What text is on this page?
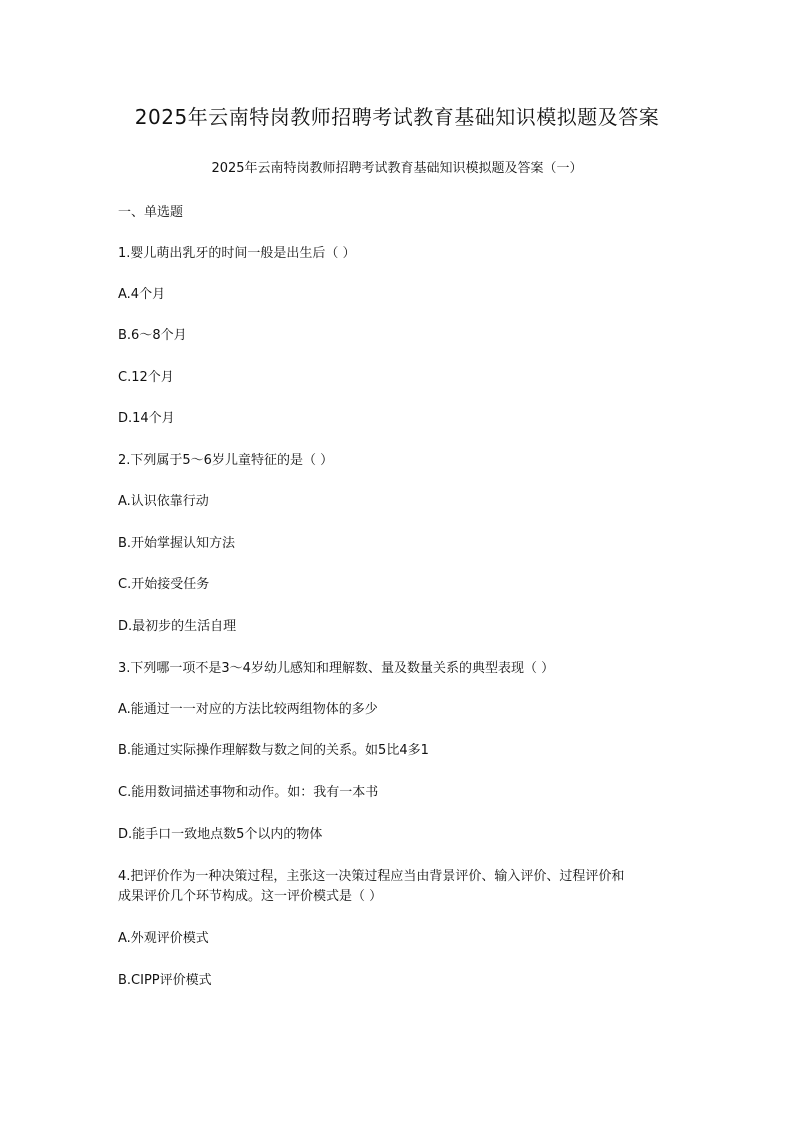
2025年云南特岗教师招聘考试教育基础知识模拟题及答案
2025年云南特岗教师招聘考试教育基础知识模拟题及答案（一）
一、单选题
1.婴儿萌出乳牙的时间一般是出生后（ ）
A.4个月
B.6～8个月
C.12个月
D.14个月
2.下列属于5～6岁儿童特征的是（ ）
A.认识依靠行动
B.开始掌握认知方法
C.开始接受任务
D.最初步的生活自理
3.下列哪一项不是3～4岁幼儿感知和理解数、量及数量关系的典型表现（ ）
A.能通过一一对应的方法比较两组物体的多少
B.能通过实际操作理解数与数之间的关系。如5比4多1
C.能用数词描述事物和动作。如：我有一本书
D.能手口一致地点数5个以内的物体
4.把评价作为一种决策过程，主张这一决策过程应当由背景评价、输入评价、过程评价和
成果评价几个环节构成。这一评价模式是（ ）
A.外观评价模式
B.CIPP评价模式
